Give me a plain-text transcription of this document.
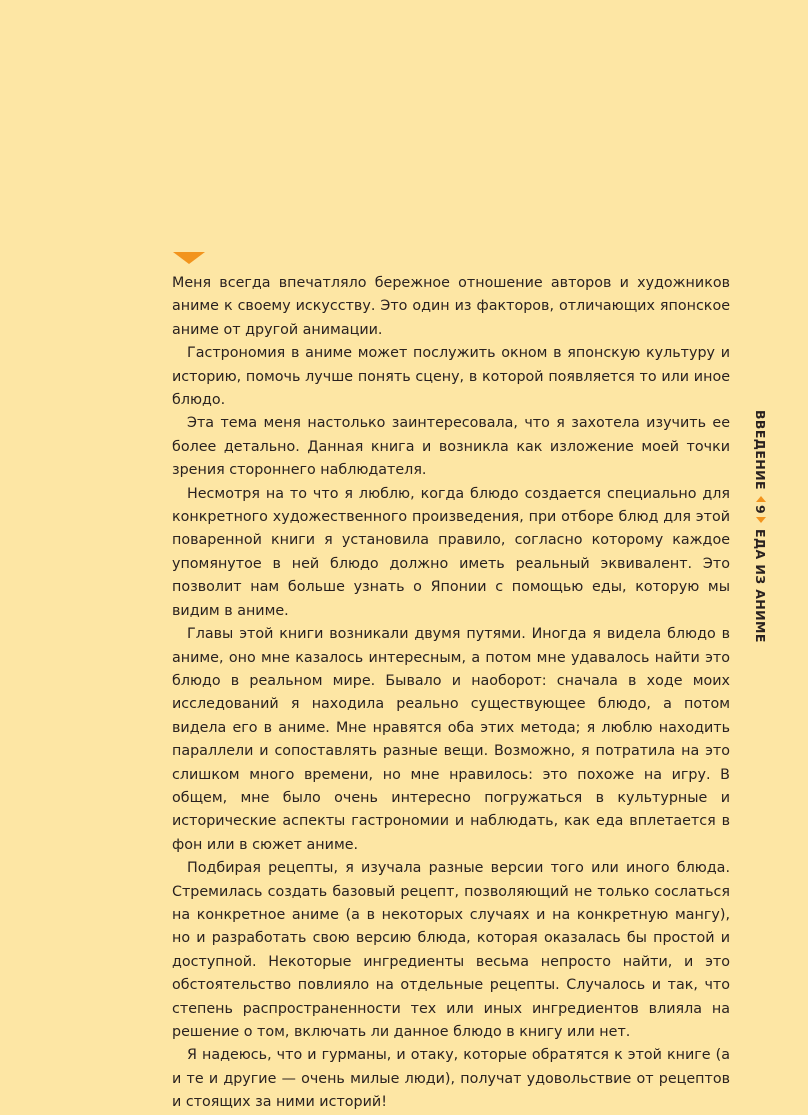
Меня всегда впечатляло бережное отношение авторов и художников аниме к своему искусству. Это один из факторов, отличающих японское аниме от другой анимации.

Гастрономия в аниме может послужить окном в японскую культуру и историю, помочь лучше понять сцену, в которой появляется то или иное блюдо.

Эта тема меня настолько заинтересовала, что я захотела изучить ее более детально. Данная книга и возникла как изложение моей точки зрения стороннего наблюдателя.

Несмотря на то что я люблю, когда блюдо создается специально для конкретного художественного произведения, при отборе блюд для этой поваренной книги я установила правило, согласно которому каждое упомянутое в ней блюдо должно иметь реальный эквивалент. Это позволит нам больше узнать о Японии с помощью еды, которую мы видим в аниме.

Главы этой книги возникали двумя путями. Иногда я видела блюдо в аниме, оно мне казалось интересным, а потом мне удавалось найти это блюдо в реальном мире. Бывало и наоборот: сначала в ходе моих исследований я находила реально существующее блюдо, а потом видела его в аниме. Мне нравятся оба этих метода; я люблю находить параллели и сопоставлять разные вещи. Возможно, я потратила на это слишком много времени, но мне нравилось: это похоже на игру. В общем, мне было очень интересно погружаться в культурные и исторические аспекты гастрономии и наблюдать, как еда вплетается в фон или в сюжет аниме.

Подбирая рецепты, я изучала разные версии того или иного блюда. Стремилась создать базовый рецепт, позволяющий не только сослаться на конкретное аниме (а в некоторых случаях и на конкретную мангу), но и разработать свою версию блюда, которая оказалась бы простой и доступной. Некоторые ингредиенты весьма непросто найти, и это обстоятельство повлияло на отдельные рецепты. Случалось и так, что степень распространенности тех или иных ингредиентов влияла на решение о том, включать ли данное блюдо в книгу или нет.

Я надеюсь, что и гурманы, и отаку, которые обратятся к этой книге (а и те и другие — очень милые люди), получат удовольствие от рецептов и стоящих за ними историй!

ВВЕДЕНИЕ
9
ЕДА ИЗ АНИМЕ
